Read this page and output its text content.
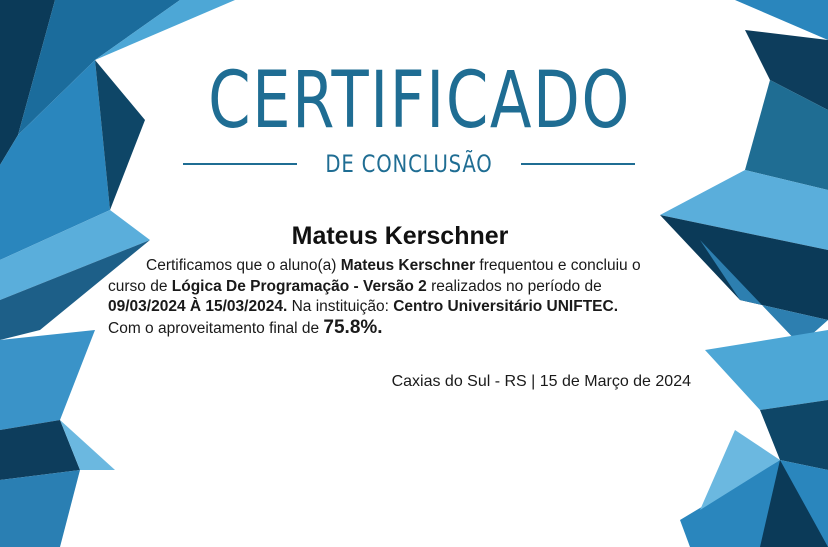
CERTIFICADO
DE CONCLUSÃO
Mateus Kerschner
Certificamos que o aluno(a) Mateus Kerschner frequentou e concluiu o
curso de Lógica De Programação - Versão 2 realizados no período de
09/03/2024 À 15/03/2024. Na instituição: Centro Universitário UNIFTEC.
Com o aproveitamento final de 75.8%.
Caxias do Sul - RS | 15 de Março de 2024
